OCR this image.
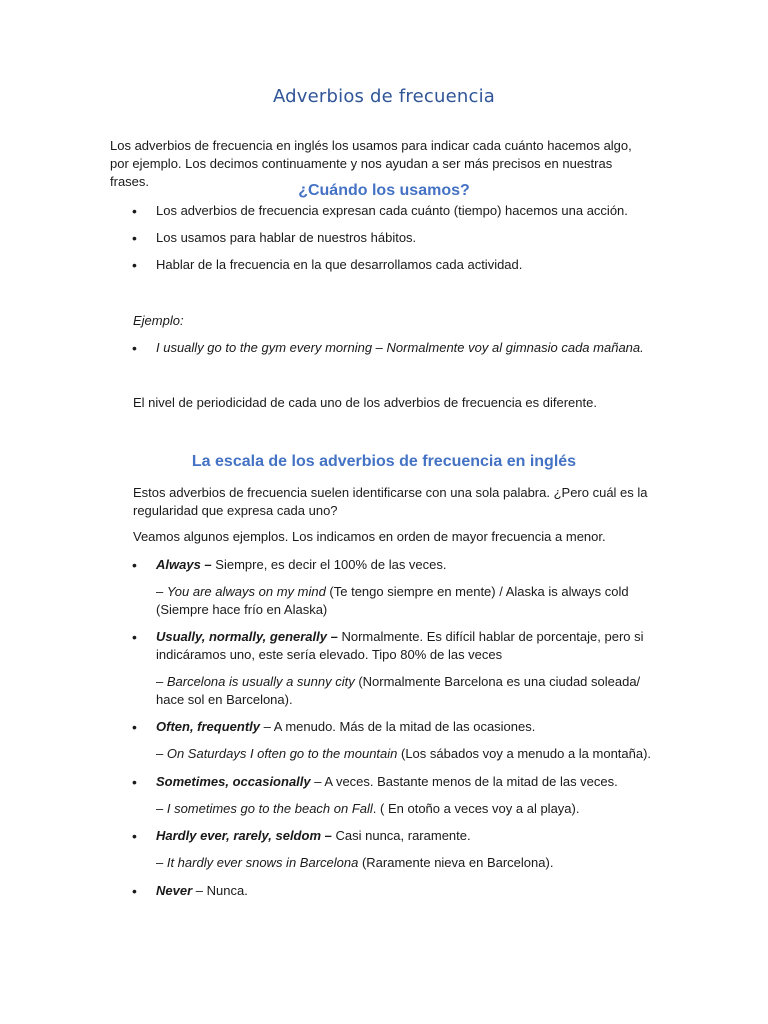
Adverbios de frecuencia

Los adverbios de frecuencia en inglés los usamos para indicar cada cuánto hacemos algo, por ejemplo. Los decimos continuamente y nos ayudan a ser más precisos en nuestras frases.

¿Cuándo los usamos?

• Los adverbios de frecuencia expresan cada cuánto (tiempo) hacemos una acción.
• Los usamos para hablar de nuestros hábitos.
• Hablar de la frecuencia en la que desarrollamos cada actividad.

Ejemplo:

• I usually go to the gym every morning – Normalmente voy al gimnasio cada mañana.

El nivel de periodicidad de cada uno de los adverbios de frecuencia es diferente.

La escala de los adverbios de frecuencia en inglés

Estos adverbios de frecuencia suelen identificarse con una sola palabra. ¿Pero cuál es la regularidad que expresa cada uno?

Veamos algunos ejemplos. Los indicamos en orden de mayor frecuencia a menor.

• Always – Siempre, es decir el 100% de las veces.

– You are always on my mind (Te tengo siempre en mente) / Alaska is always cold (Siempre hace frío en Alaska)

• Usually, normally, generally – Normalmente. Es difícil hablar de porcentaje, pero si indicáramos uno, este sería elevado. Tipo 80% de las veces

– Barcelona is usually a sunny city (Normalmente Barcelona es una ciudad soleada/ hace sol en Barcelona).

• Often, frequently – A menudo. Más de la mitad de las ocasiones.

– On Saturdays I often go to the mountain (Los sábados voy a menudo a la montaña).

• Sometimes, occasionally – A veces. Bastante menos de la mitad de las veces.

– I sometimes go to the beach on Fall. ( En otoño a veces voy a al playa).

• Hardly ever, rarely, seldom – Casi nunca, raramente.

– It hardly ever snows in Barcelona (Raramente nieva en Barcelona).

• Never – Nunca.
